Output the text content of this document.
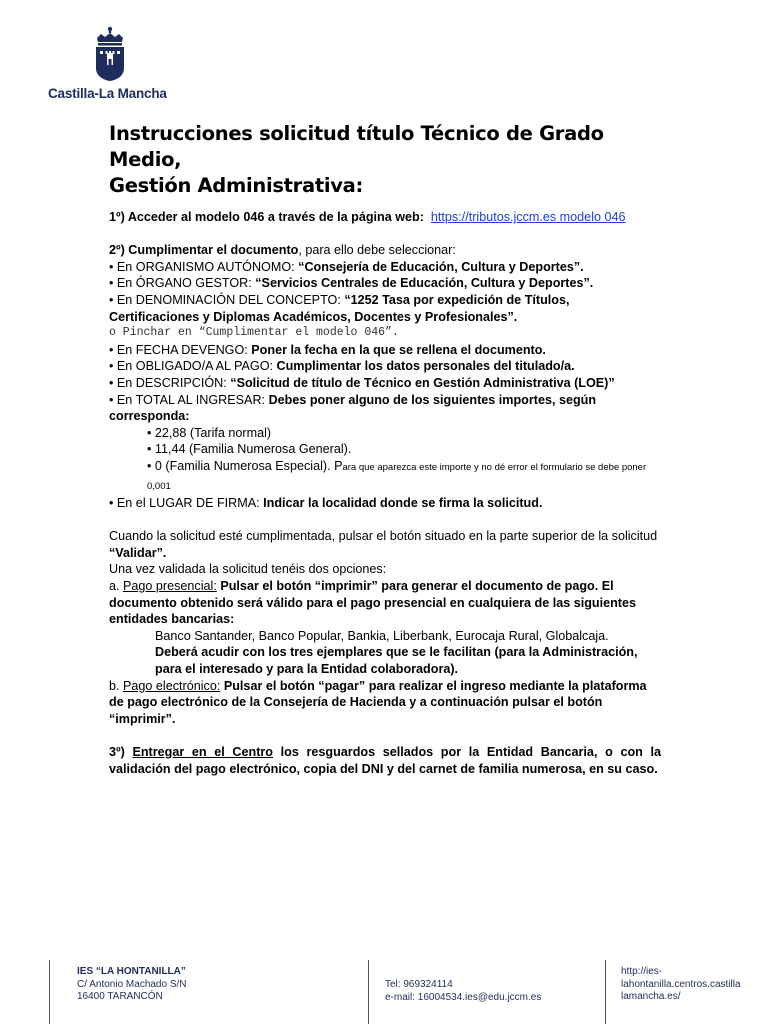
Castilla-La Mancha
Instrucciones solicitud título Técnico de Grado Medio,
Gestión Administrativa:

1º) Acceder al modelo 046 a través de la página web: https://tributos.jccm.es modelo 046

2º) Cumplimentar el documento, para ello debe seleccionar:

• En ORGANISMO AUTÓNOMO: “Consejería de Educación, Cultura y Deportes”.

• En ÓRGANO GESTOR: “Servicios Centrales de Educación, Cultura y Deportes”.

• En DENOMINACIÓN DEL CONCEPTO: “1252 Tasa por expedición de Títulos, Certificaciones y Diplomas Académicos, Docentes y Profesionales”.

o Pinchar en “Cumplimentar el modelo 046”.

• En FECHA DEVENGO: Poner la fecha en la que se rellena el documento.

• En OBLIGADO/A AL PAGO: Cumplimentar los datos personales del titulado/a.

• En DESCRIPCIÓN: “Solicitud de título de Técnico en Gestión Administrativa (LOE)”

• En TOTAL AL INGRESAR: Debes poner alguno de los siguientes importes, según corresponda:

• 22,88 (Tarifa normal)

• 11,44 (Familia Numerosa General).

• 0 (Familia Numerosa Especial). Para que aparezca este importe y no dé error el formulario se debe poner 0,001

• En el LUGAR DE FIRMA: Indicar la localidad donde se firma la solicitud.

Cuando la solicitud esté cumplimentada, pulsar el botón situado en la parte superior de la solicitud “Validar”.

Una vez validada la solicitud tenéis dos opciones:

a. Pago presencial: Pulsar el botón “imprimir” para generar el documento de pago. El documento obtenido será válido para el pago presencial en cualquiera de las siguientes entidades bancarias:

Banco Santander, Banco Popular, Bankia, Liberbank, Eurocaja Rural, Globalcaja.

Deberá acudir con los tres ejemplares que se le facilitan (para la Administración, para el interesado y para la Entidad colaboradora).

b. Pago electrónico: Pulsar el botón “pagar” para realizar el ingreso mediante la plataforma de pago electrónico de la Consejería de Hacienda y a continuación pulsar el botón “imprimir”.

3º) Entregar en el Centro los resguardos sellados por la Entidad Bancaria, o con la validación del pago electrónico, copia del DNI y del carnet de familia numerosa, en su caso.

IES “LA HONTANILLA”
C/ Antonio Machado S/N
16400 TARANCÓN
Tel: 969324114
e-mail: 16004534.ies@edu.jccm.es
http://ies-
lahontanilla.centros.castilla
lamancha.es/
